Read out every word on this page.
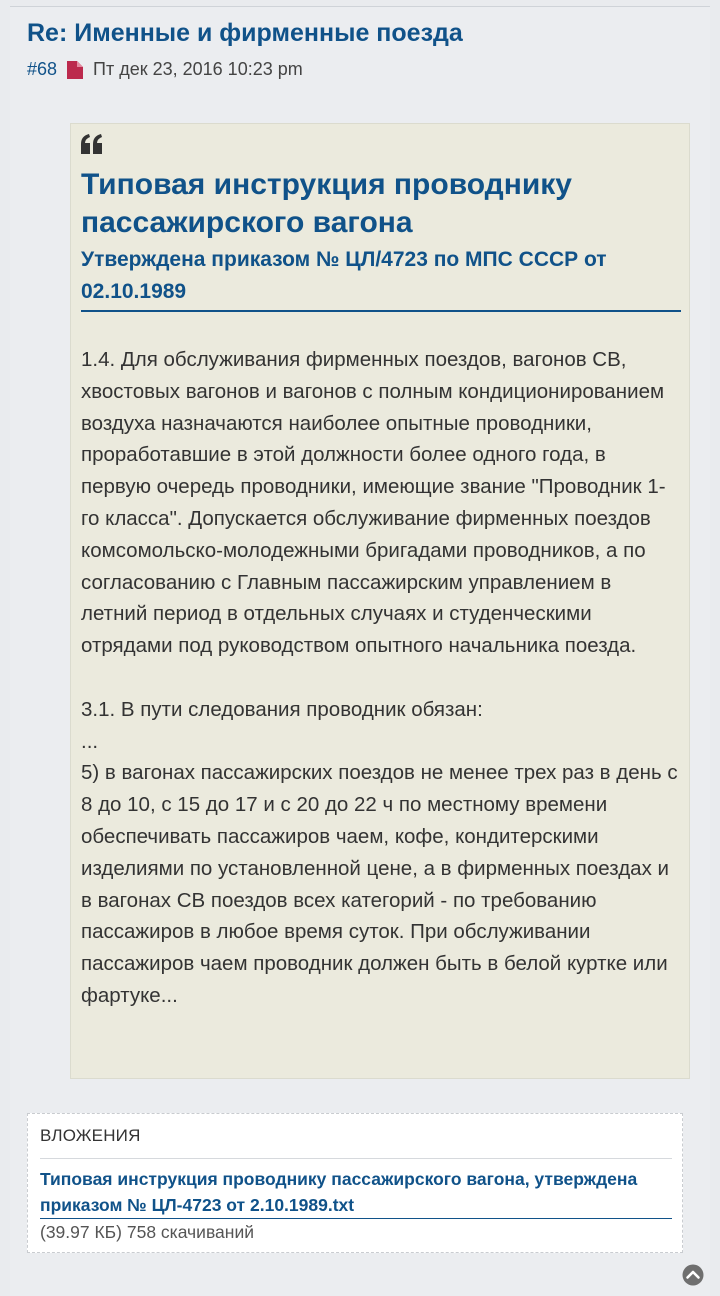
Re: Именные и фирменные поезда
#68 Пт дек 23, 2016 10:23 pm
Типовая инструкция проводнику пассажирского вагона
Утверждена приказом № ЦЛ/4723 по МПС СССР от 02.10.1989

1.4. Для обслуживания фирменных поездов, вагонов СВ, хвостовых вагонов и вагонов с полным кондиционированием воздуха назначаются наиболее опытные проводники, проработавшие в этой должности более одного года, в первую очередь проводники, имеющие звание "Проводник 1-го класса". Допускается обслуживание фирменных поездов комсомольско-молодежными бригадами проводников, а по согласованию с Главным пассажирским управлением в летний период в отдельных случаях и студенческими отрядами под руководством опытного начальника поезда.

3.1. В пути следования проводник обязан:

...

5) в вагонах пассажирских поездов не менее трех раз в день с 8 до 10, с 15 до 17 и с 20 до 22 ч по местному времени обеспечивать пассажиров чаем, кофе, кондитерскими изделиями по установленной цене, а в фирменных поездах и в вагонах СВ поездов всех категорий - по требованию пассажиров в любое время суток. При обслуживании пассажиров чаем проводник должен быть в белой куртке или фартуке...

ВЛОЖЕНИЯ
Типовая инструкция проводнику пассажирского вагона, утверждена приказом № ЦЛ-4723 от 2.10.1989.txt
(39.97 КБ) 758 скачиваний
